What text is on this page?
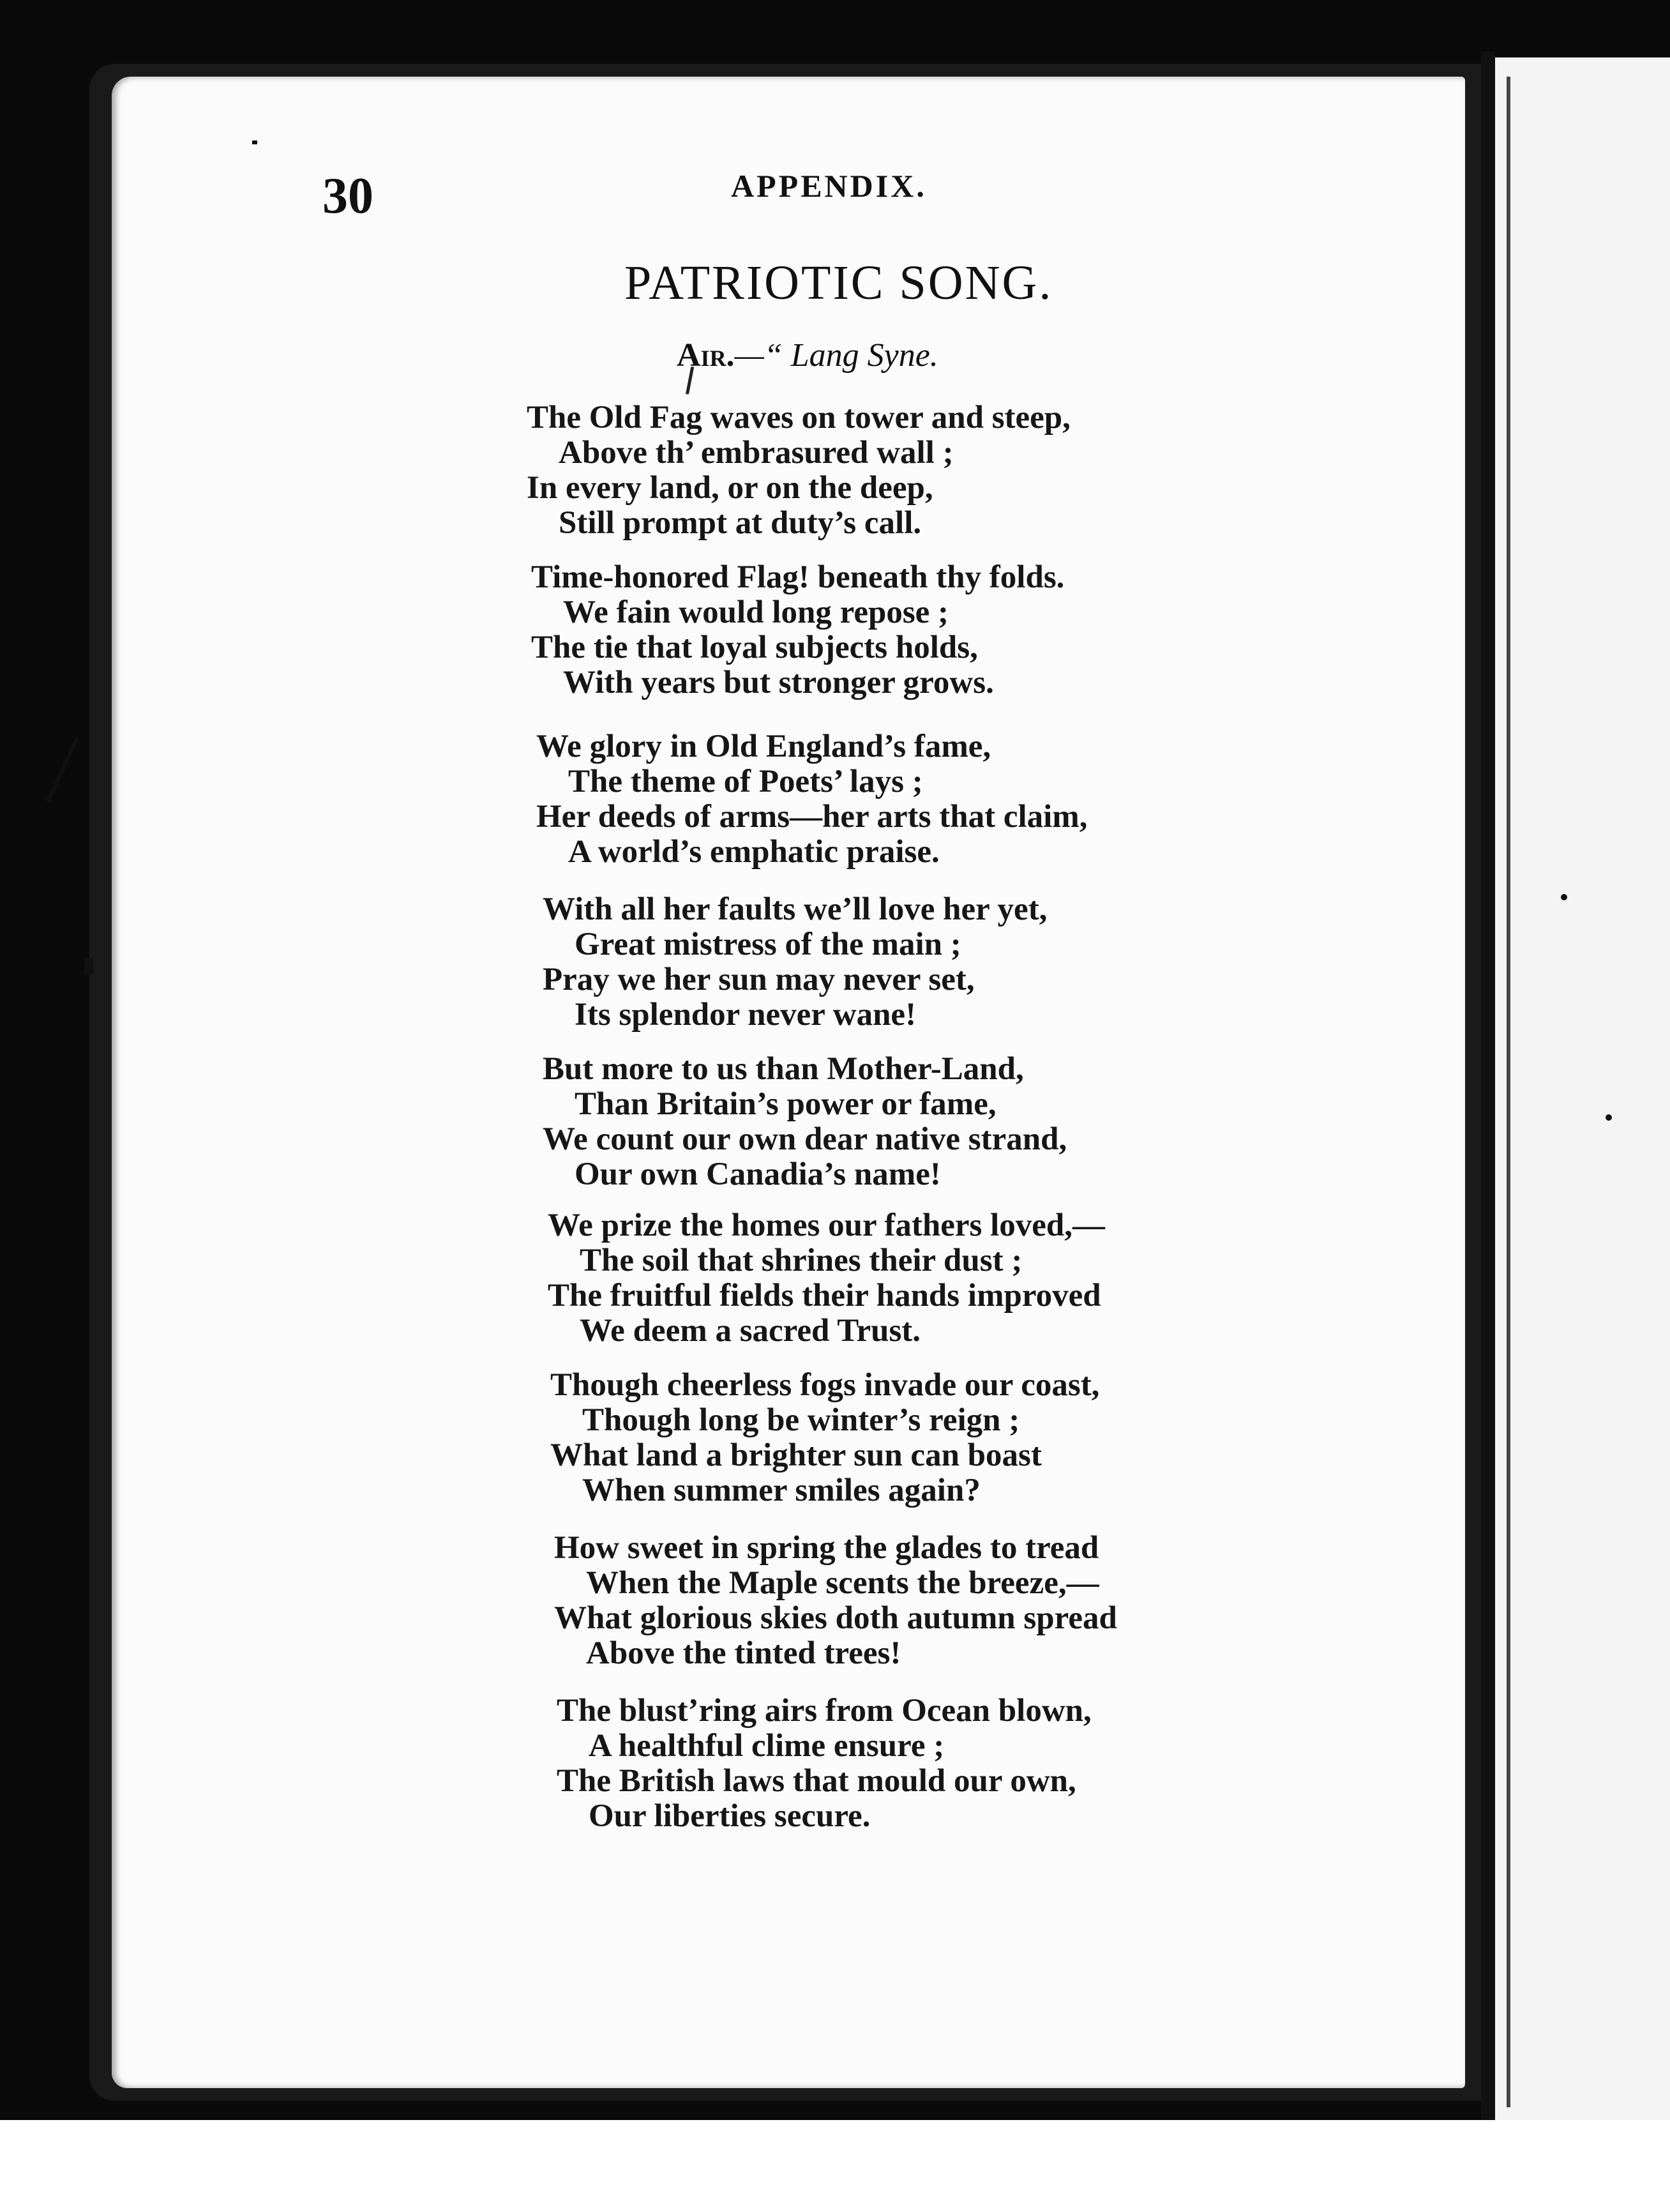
30	APPENDIX.
PATRIOTIC SONG.
Air.—“ Lang Syne.
l
The Old Fag waves on tower and steep,
Above th’ embrasured wall ;
In every land, or on the deep,
Still prompt at duty’s call.
Time-honored Flag! beneath thy folds.
We fain would long repose ;
The tie that loyal subjects holds,
With years but stronger grows.
We glory in Old England’s fame,
The theme of Poets’ lays ;
Her deeds of arms—her arts that claim,
A world’s emphatic praise.
With all her faults we’ll love her yet,
Great mistress of the main ;
Pray we her sun may never set,
Its splendor never wane!
But more to us than Mother-Land,
Than Britain’s power or fame,
We count our own dear native strand,
Our own Canadia’s name!
We prize the homes our fathers loved,—
The soil that shrines their dust ;
The fruitful fields their hands improved
We deem a sacred Trust.
Though cheerless fogs invade our coast,
Though long be winter’s reign ;
What land a brighter sun can boast
When summer smiles again?
How sweet in spring the glades to tread
When the Maple scents the breeze,—
What glorious skies doth autumn spread
Above the tinted trees!
The blust’ring airs from Ocean blown,
A healthful clime ensure ;
The British laws that mould our own,
Our liberties secure.
